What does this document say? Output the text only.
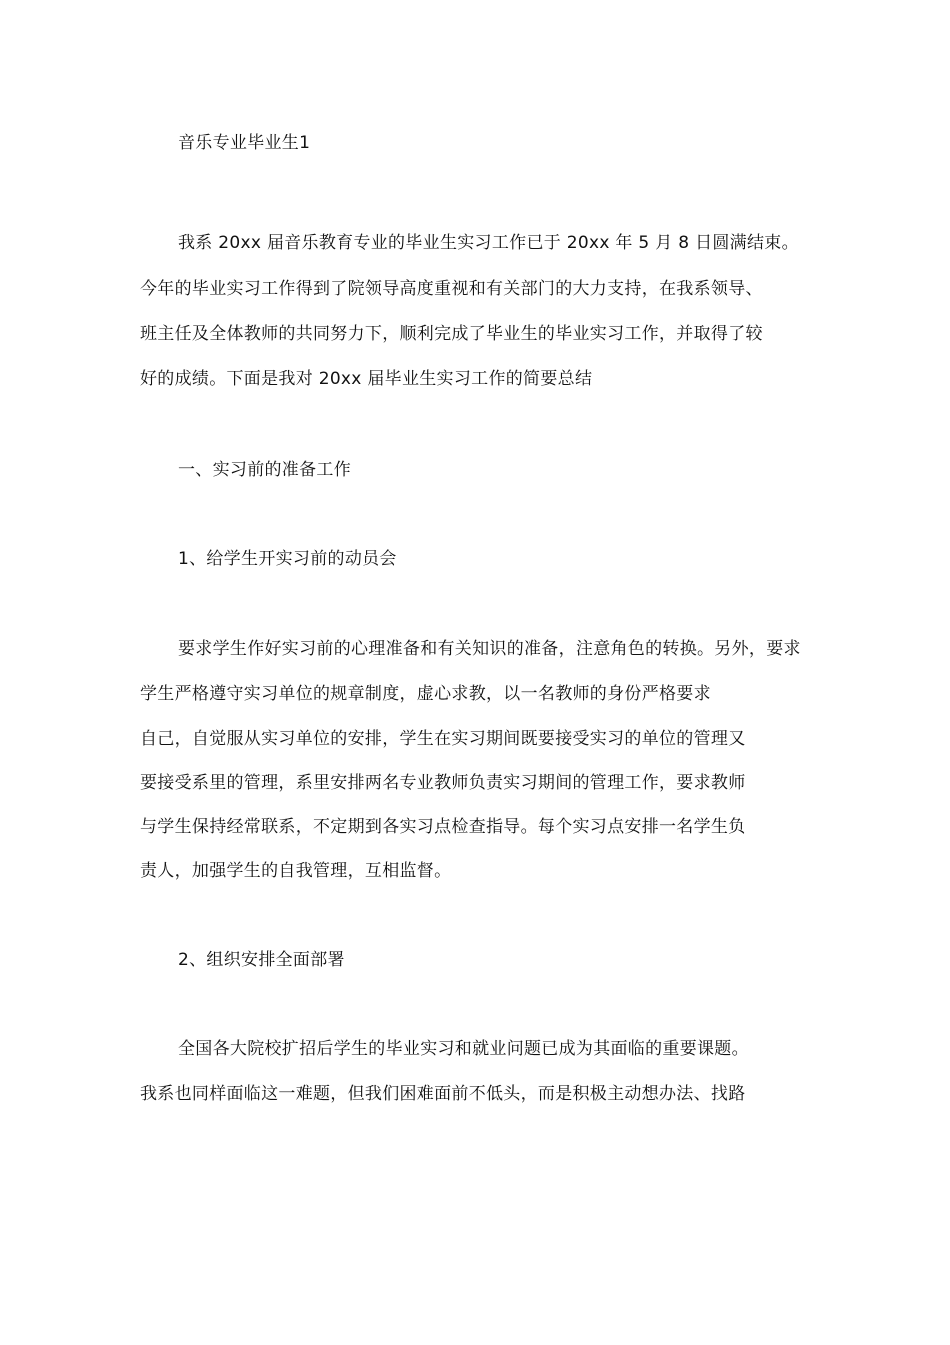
音乐专业毕业生1
我系 20xx 届音乐教育专业的毕业生实习工作已于 20xx 年 5 月 8 日圆满结束。
今年的毕业实习工作得到了院领导高度重视和有关部门的大力支持，在我系领导、
班主任及全体教师的共同努力下，顺利完成了毕业生的毕业实习工作，并取得了较
好的成绩。下面是我对 20xx 届毕业生实习工作的简要总结
一、实习前的准备工作
1、给学生开实习前的动员会
要求学生作好实习前的心理准备和有关知识的准备，注意角色的转换。另外，要求
学生严格遵守实习单位的规章制度，虚心求教，以一名教师的身份严格要求
自己，自觉服从实习单位的安排，学生在实习期间既要接受实习的单位的管理又
要接受系里的管理，系里安排两名专业教师负责实习期间的管理工作，要求教师
与学生保持经常联系，不定期到各实习点检查指导。每个实习点安排一名学生负
责人，加强学生的自我管理，互相监督。
2、组织安排全面部署
全国各大院校扩招后学生的毕业实习和就业问题已成为其面临的重要课题。
我系也同样面临这一难题，但我们困难面前不低头，而是积极主动想办法、找路
